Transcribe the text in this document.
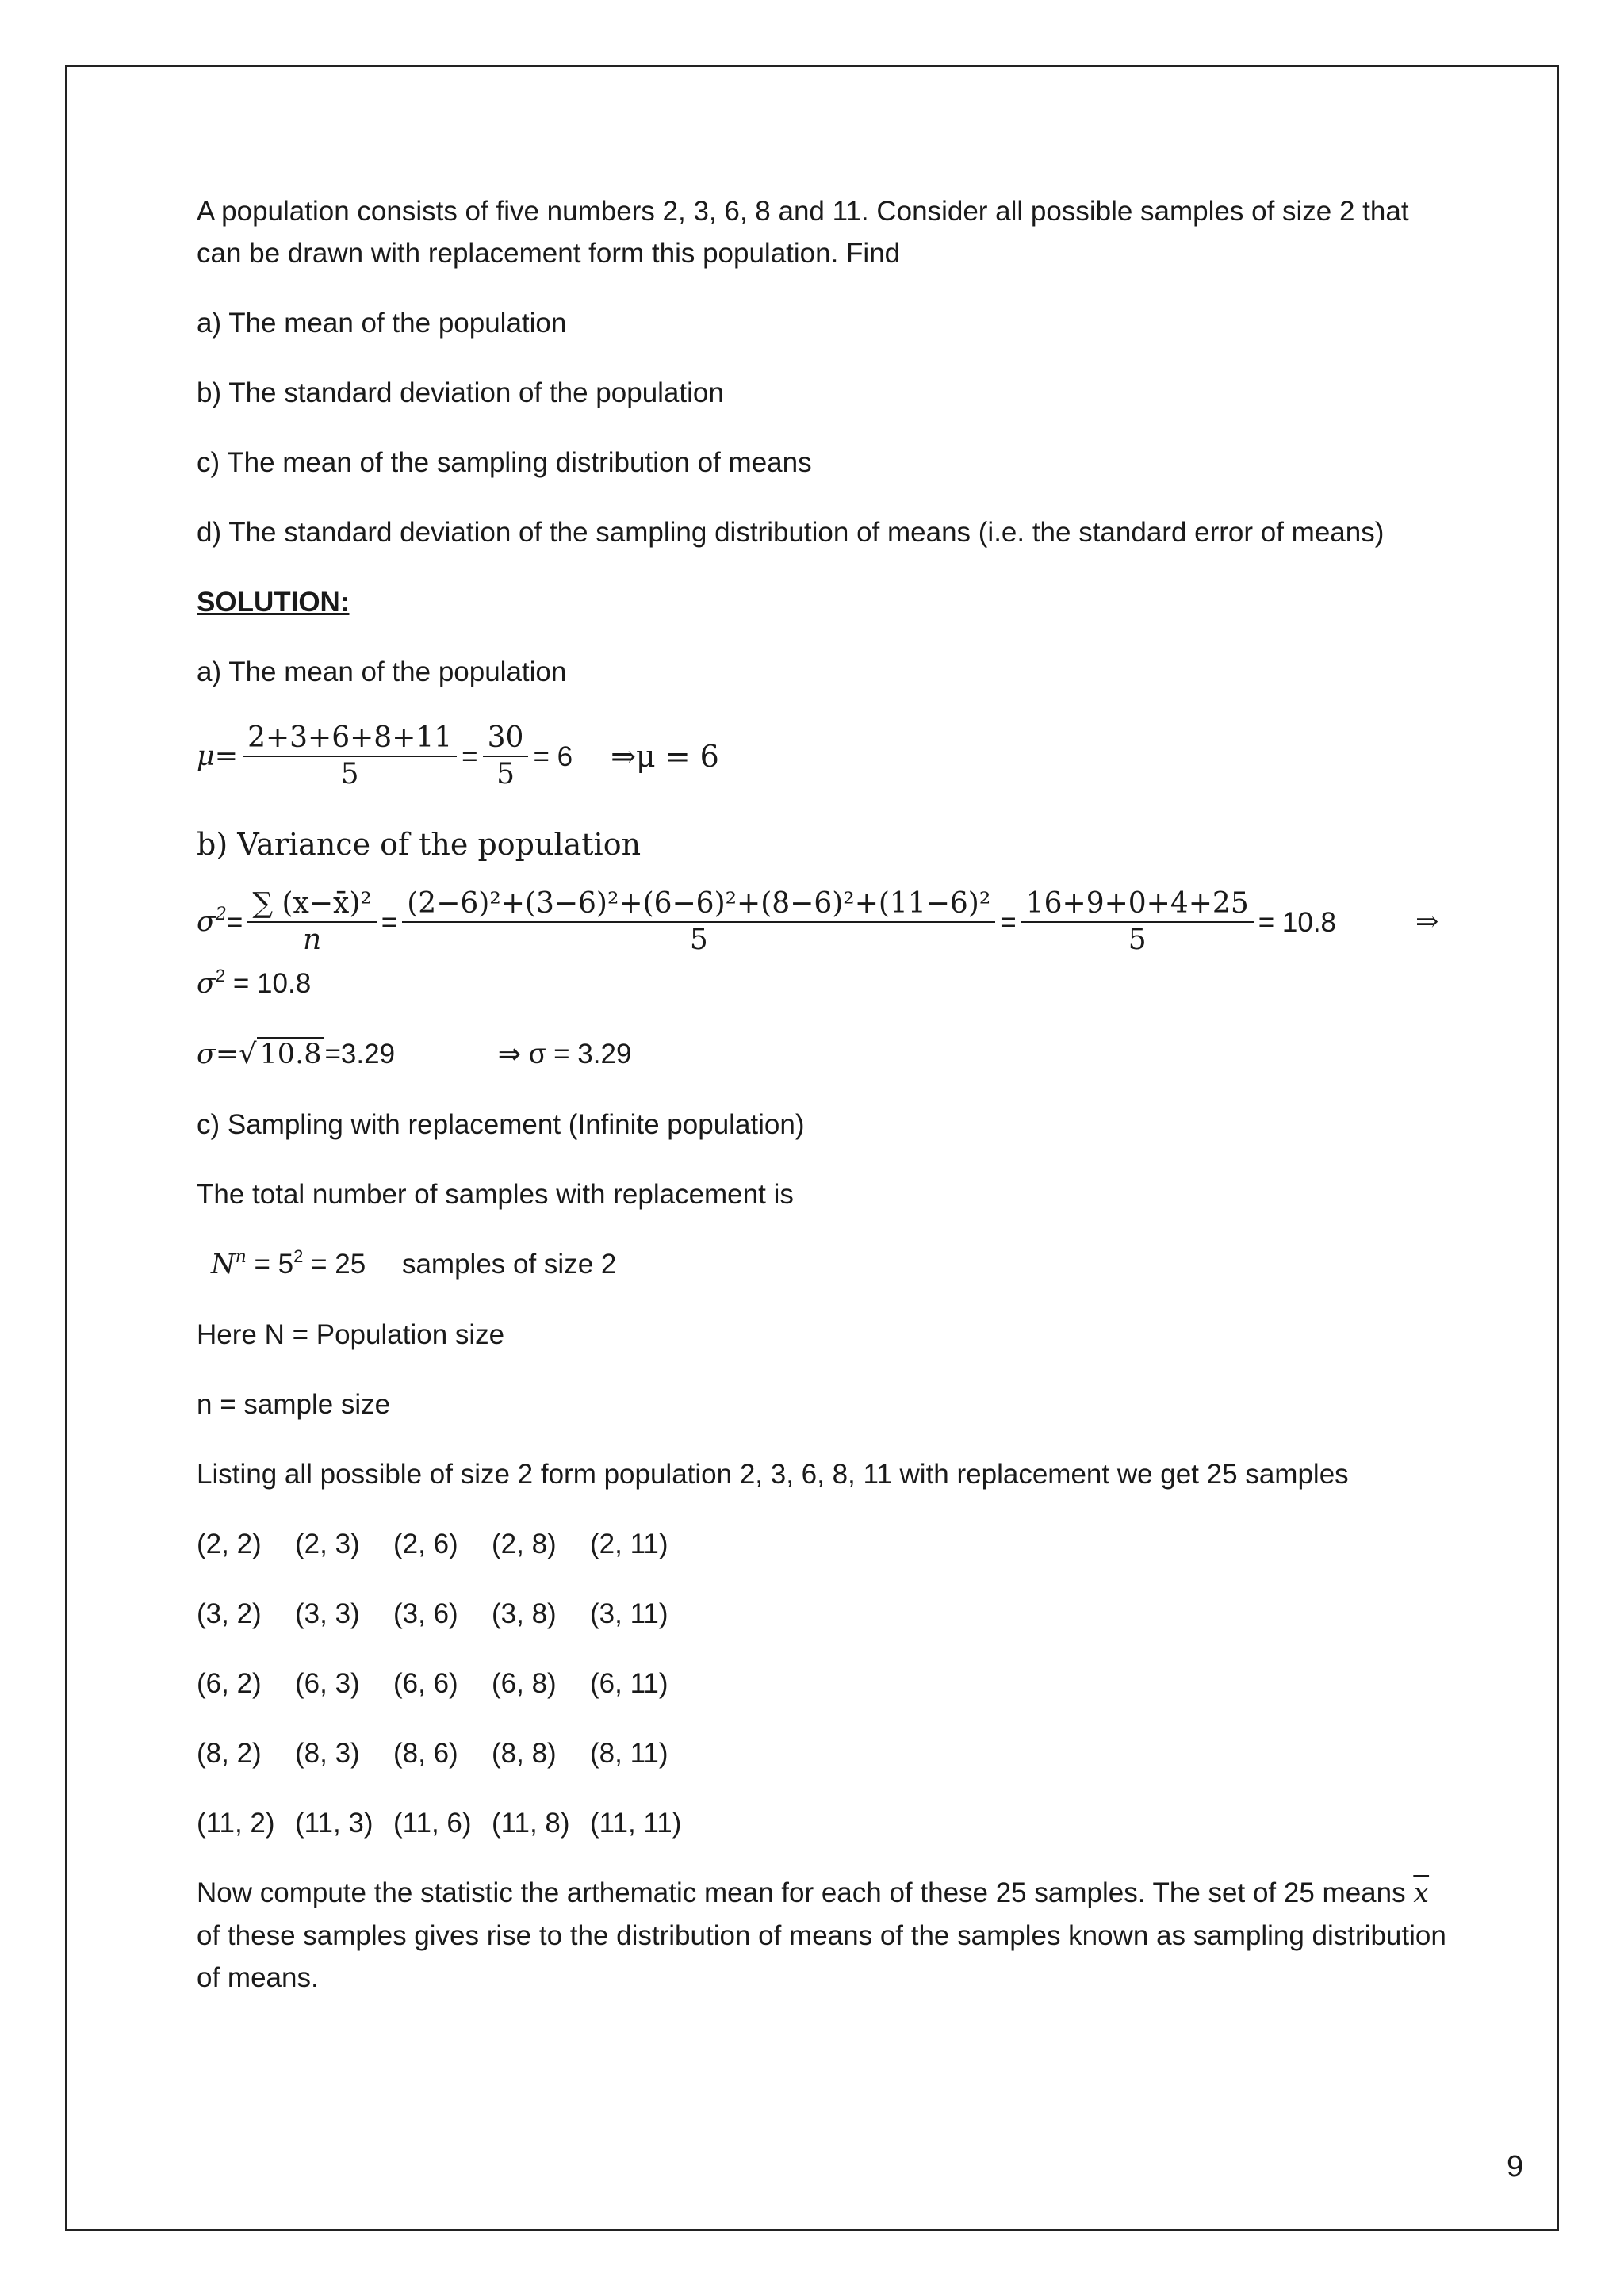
A population consists of five numbers 2, 3, 6, 8 and 11. Consider all possible samples of size 2 that can be drawn with replacement form this population. Find

a) The mean of the population

b) The standard deviation of the population

c) The mean of the sampling distribution of means

d) The standard deviation of the sampling distribution of means (i.e. the standard error of means)

SOLUTION:

a) The mean of the population

$\mu= \frac{2+3+6+8+11}{5} = \frac{30}{5} = 6$ ⇒μ = 6

b) Variance of the population

$\sigma^2 = \frac{\text{∑ (x−x̄)²}}{n} = \frac{\text{(2−6)²+(3−6)²+(6−6)²+(8−6)²+(11−6)²}}{5} = \frac{16+9+0+4+25}{5} = 10.8$	⇒

$\sigma^2 = 10.8$

σ=√ 10.8 =3.29	⇒ σ = 3.29

c) Sampling with replacement (Infinite population)

The total number of samples with replacement is

$N^n = 5^2 = 25$ samples of size 2

Here N = Population size

n = sample size

Listing all possible of size 2 form population 2, 3, 6, 8, 11 with replacement we get 25 samples

(2, 2)	(2, 3)	(2, 6)	(2, 8)	(2, 11)
(3, 2)	(3, 3)	(3, 6)	(3, 8)	(3, 11)
(6, 2)	(6, 3)	(6, 6)	(6, 8)	(6, 11)
(8, 2)	(8, 3)	(8, 6)	(8, 8)	(8, 11)
(11, 2) (11, 3) (11, 6) (11, 8) (11, 11)

Now compute the statistic the arthematic mean for each of these 25 samples. The set of 25 means $\overline{x}$ of these samples gives rise to the distribution of means of the samples known as sampling distribution of means.

9
